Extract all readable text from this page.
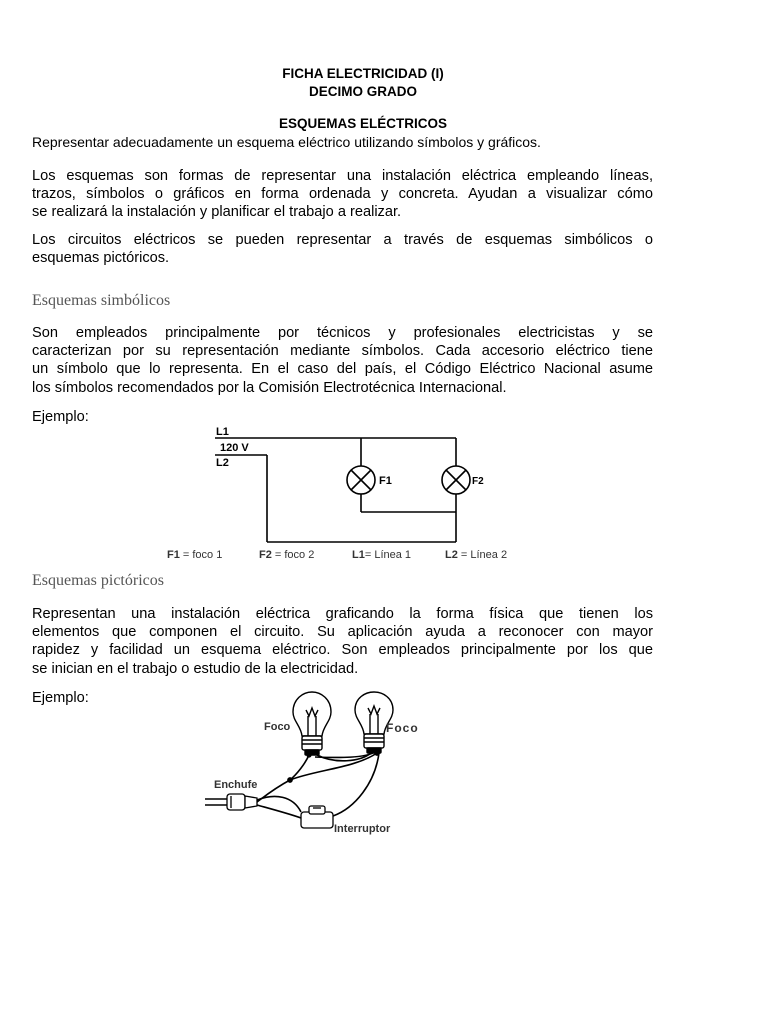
FICHA ELECTRICIDAD (I)
DECIMO GRADO
ESQUEMAS ELÉCTRICOS

Representar adecuadamente un esquema eléctrico utilizando símbolos y gráficos.

Los esquemas son formas de representar una instalación eléctrica empleando líneas,
trazos, símbolos o gráficos en forma ordenada y concreta. Ayudan a visualizar cómo
se realizará la instalación y planificar el trabajo a realizar.

Los circuitos eléctricos se pueden representar a través de esquemas simbólicos o
esquemas pictóricos.

Esquemas simbólicos

Son empleados principalmente por técnicos y profesionales electricistas y se
caracterizan por su representación mediante símbolos. Cada accesorio eléctrico tiene
un símbolo que lo representa. En el caso del país, el Código Eléctrico Nacional asume
los símbolos recomendados por la Comisión Electrotécnica Internacional.

Ejemplo:
L1
120 V
L2
F1	F2
F1 = foco 1	F2 = foco 2	L1= Línea 1	L2 = Línea 2
Esquemas pictóricos

Representan una instalación eléctrica graficando la forma física que tienen los
elementos que componen el circuito. Su aplicación ayuda a reconocer con mayor
rapidez y facilidad un esquema eléctrico. Son empleados principalmente por los que
se inician en el trabajo o estudio de la electricidad.

Ejemplo:
Foco	Foco
Enchufe
Interruptor
